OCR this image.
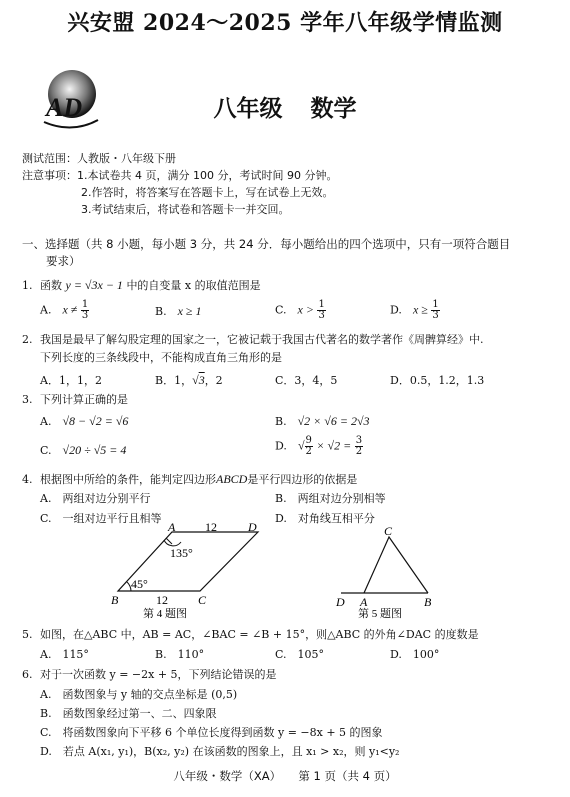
兴安盟 2024～2025 学年八年级学情监测
AD	八年级 数学
测试范围：人教版・八年级下册
注意事项：1.本试卷共 4 页，满分 100 分，考试时间 90 分钟。
2.作答时，将答案写在答题卡上，写在试卷上无效。
3.考试结束后，将试卷和答题卡一并交回。
一、选择题（共 8 小题，每小题 3 分，共 24 分．每小题给出的四个选项中，只有一项符合题目
要求）
1. 函数 y = √3x − 1 中的自变量 x 的取值范围是
A.　 $x \ne \frac{1}{3}$	B.　 x ≥ 1	C.　 $x > \frac{1}{3}$	D.　 $x \ge \frac{1}{3}$
2. 我国是最早了解勾股定理的国家之一，它被记载于我国古代著名的数学著作《周髀算经》中.
下列长度的三条线段中，不能构成直角三角形的是
A．1，1，2	B．1，√3，2	C．3，4，5	D．0.5，1.2，1.3
3. 下列计算正确的是
A.　 √8 − √2 = √6	B.　 √2 × √6 = 2√3
C.　 √20 ÷ √5 = 4	D.　 √ $\frac{9}{2} \times √2 = \frac{3}{2}$
4. 根据图中所给的条件，能判定四边形ABCD是平行四边形的依据是
A.　两组对边分别平行	B.　两组对边分别相等
C.　一组对边平行且相等	D.　对角线互相平分
A	D
B	C
12
12
135°
45°
第 4 题图
C
D A	B
第 5 题图
5. 如图，在△ABC 中，AB = AC，∠BAC = ∠B + 15°，则△ABC 的外角∠DAC 的度数是
A.　115°	B.　110°	C.　105°	D.　100°
6. 对于一次函数 y = −2x + 5，下列结论错误的是
A.　函数图象与 y 轴的交点坐标是 (0,5)
B.　函数图象经过第一、二、四象限
C.　将函数图象向下平移 6 个单位长度得到函数 y = −8x + 5 的图象
D.　若点 A(x₁, y₁)，B(x₂, y₂) 在该函数的图象上，且 x₁ > x₂，则 y₁<y₂
八年级・数学（XA）　　第 1 页（共 4 页）
